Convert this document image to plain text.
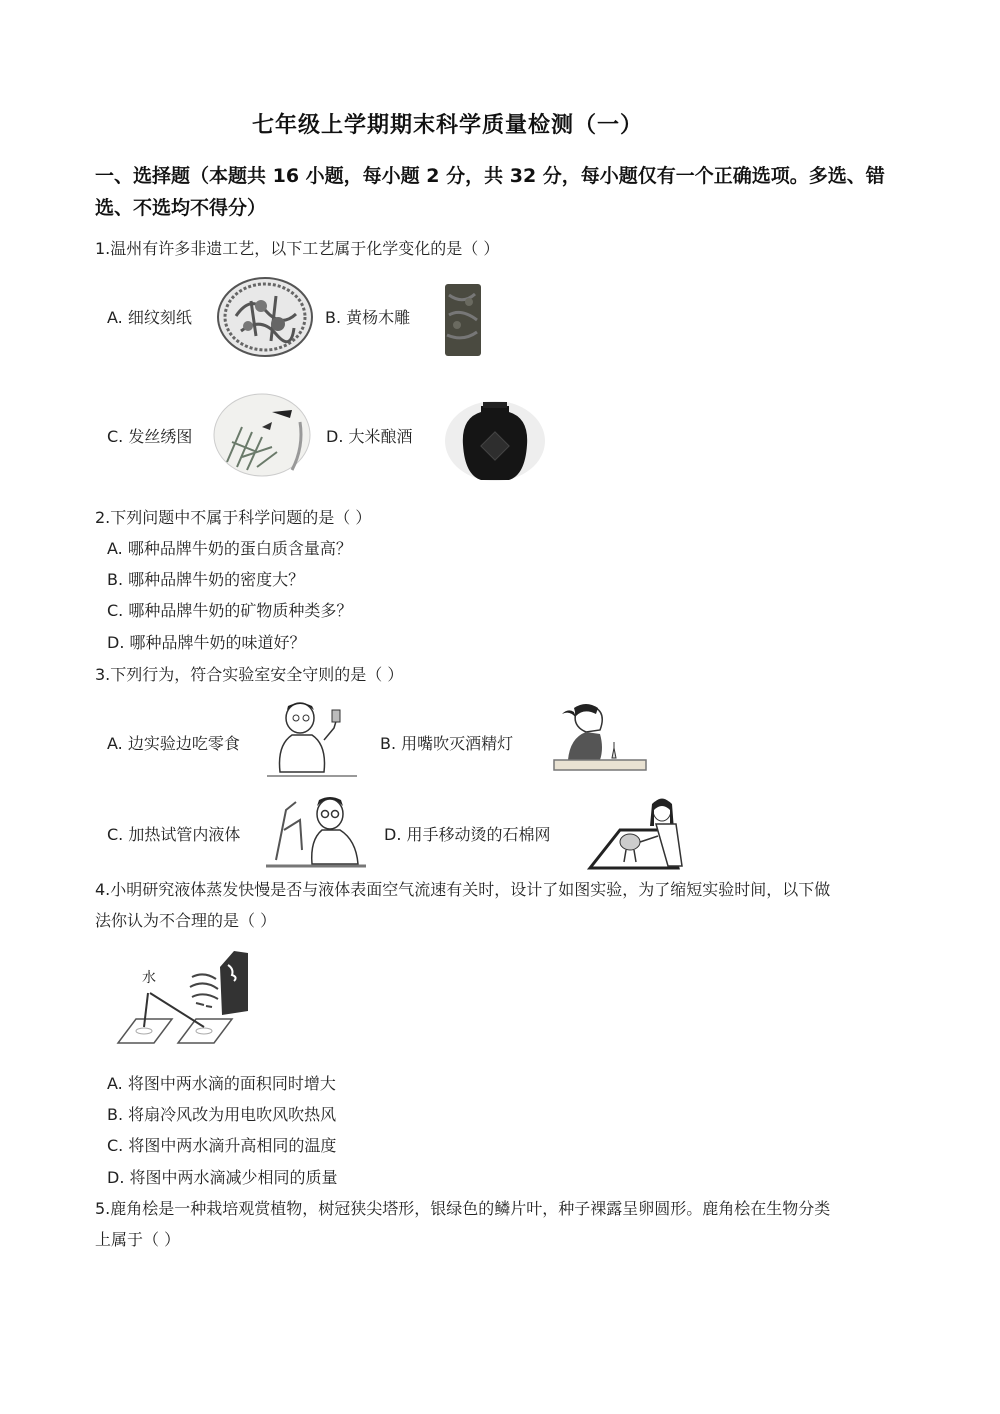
七年级上学期期末科学质量检测（一）
一、选择题（本题共 16 小题，每小题 2 分，共 32 分，每小题仅有一个正确选项。多选、错选、不选均不得分）
1.温州有许多非遗工艺，以下工艺属于化学变化的是（ ）
A. 细纹刻纸	B. 黄杨木雕
C. 发丝绣图	D. 大米酿酒
2.下列问题中不属于科学问题的是（ ）
A. 哪种品牌牛奶的蛋白质含量高？
B. 哪种品牌牛奶的密度大？
C. 哪种品牌牛奶的矿物质种类多？
D. 哪种品牌牛奶的味道好？
3.下列行为，符合实验室安全守则的是（ ）
A. 边实验边吃零食	B. 用嘴吹灭酒精灯
C. 加热试管内液体	D. 用手移动烫的石棉网
4.小明研究液体蒸发快慢是否与液体表面空气流速有关时，设计了如图实验，为了缩短实验时间，以下做
法你认为不合理的是（ ）
水
A. 将图中两水滴的面积同时增大
B. 将扇冷风改为用电吹风吹热风
C. 将图中两水滴升高相同的温度
D. 将图中两水滴减少相同的质量
5.鹿角桧是一种栽培观赏植物，树冠狭尖塔形，银绿色的鳞片叶，种子裸露呈卵圆形。鹿角桧在生物分类
上属于（ ）
